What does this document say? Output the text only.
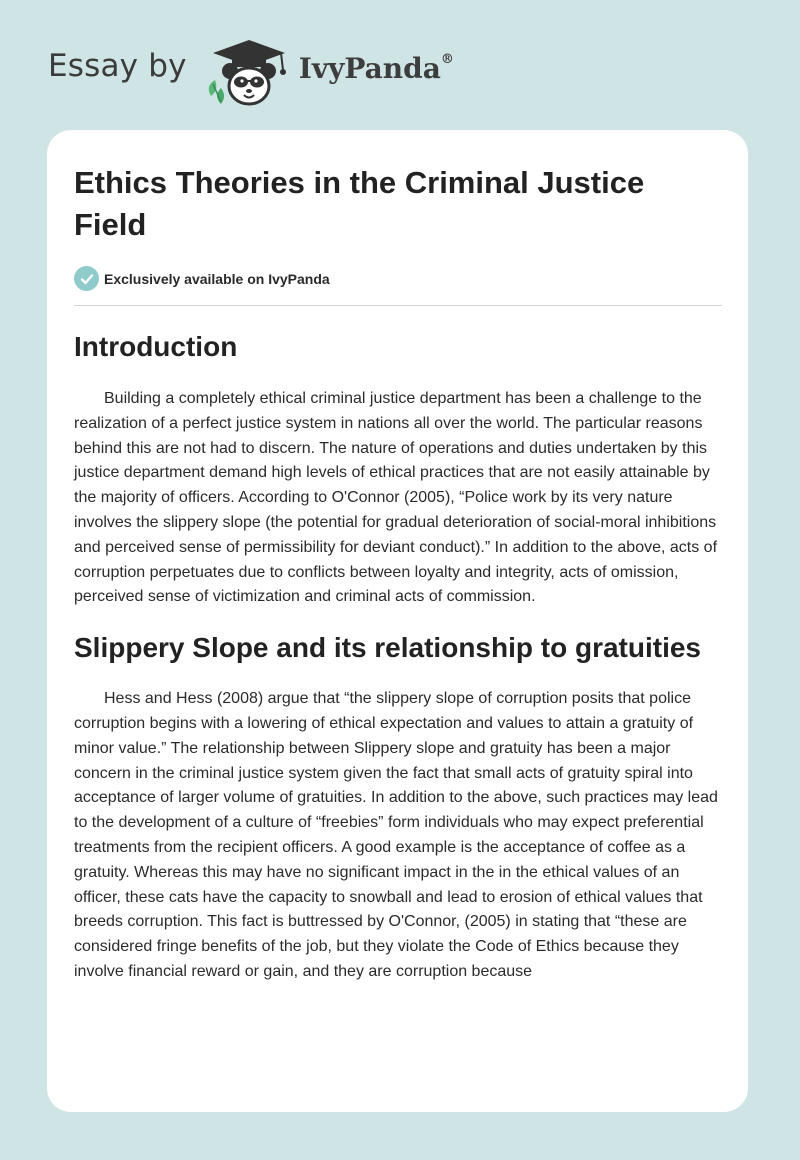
Essay by	IvyPanda®
Ethics Theories in the Criminal Justice Field
Exclusively available on IvyPanda
Introduction

Building a completely ethical criminal justice department has been a challenge to the realization of a perfect justice system in nations all over the world. The particular reasons behind this are not had to discern. The nature of operations and duties undertaken by this justice department demand high levels of ethical practices that are not easily attainable by the majority of officers. According to O'Connor (2005), “Police work by its very nature involves the slippery slope (the potential for gradual deterioration of social-moral inhibitions and perceived sense of permissibility for deviant conduct).” In addition to the above, acts of corruption perpetuates due to conflicts between loyalty and integrity, acts of omission, perceived sense of victimization and criminal acts of commission.

Slippery Slope and its relationship to gratuities

Hess and Hess (2008) argue that “the slippery slope of corruption posits that police corruption begins with a lowering of ethical expectation and values to attain a gratuity of minor value.” The relationship between Slippery slope and gratuity has been a major concern in the criminal justice system given the fact that small acts of gratuity spiral into acceptance of larger volume of gratuities. In addition to the above, such practices may lead to the development of a culture of “freebies” form individuals who may expect preferential treatments from the recipient officers. A good example is the acceptance of coffee as a gratuity. Whereas this may have no significant impact in the in the ethical values of an officer, these cats have the capacity to snowball and lead to erosion of ethical values that breeds corruption. This fact is buttressed by O'Connor, (2005) in stating that “these are considered fringe benefits of the job, but they violate the Code of Ethics because they involve financial reward or gain, and they are corruption because
